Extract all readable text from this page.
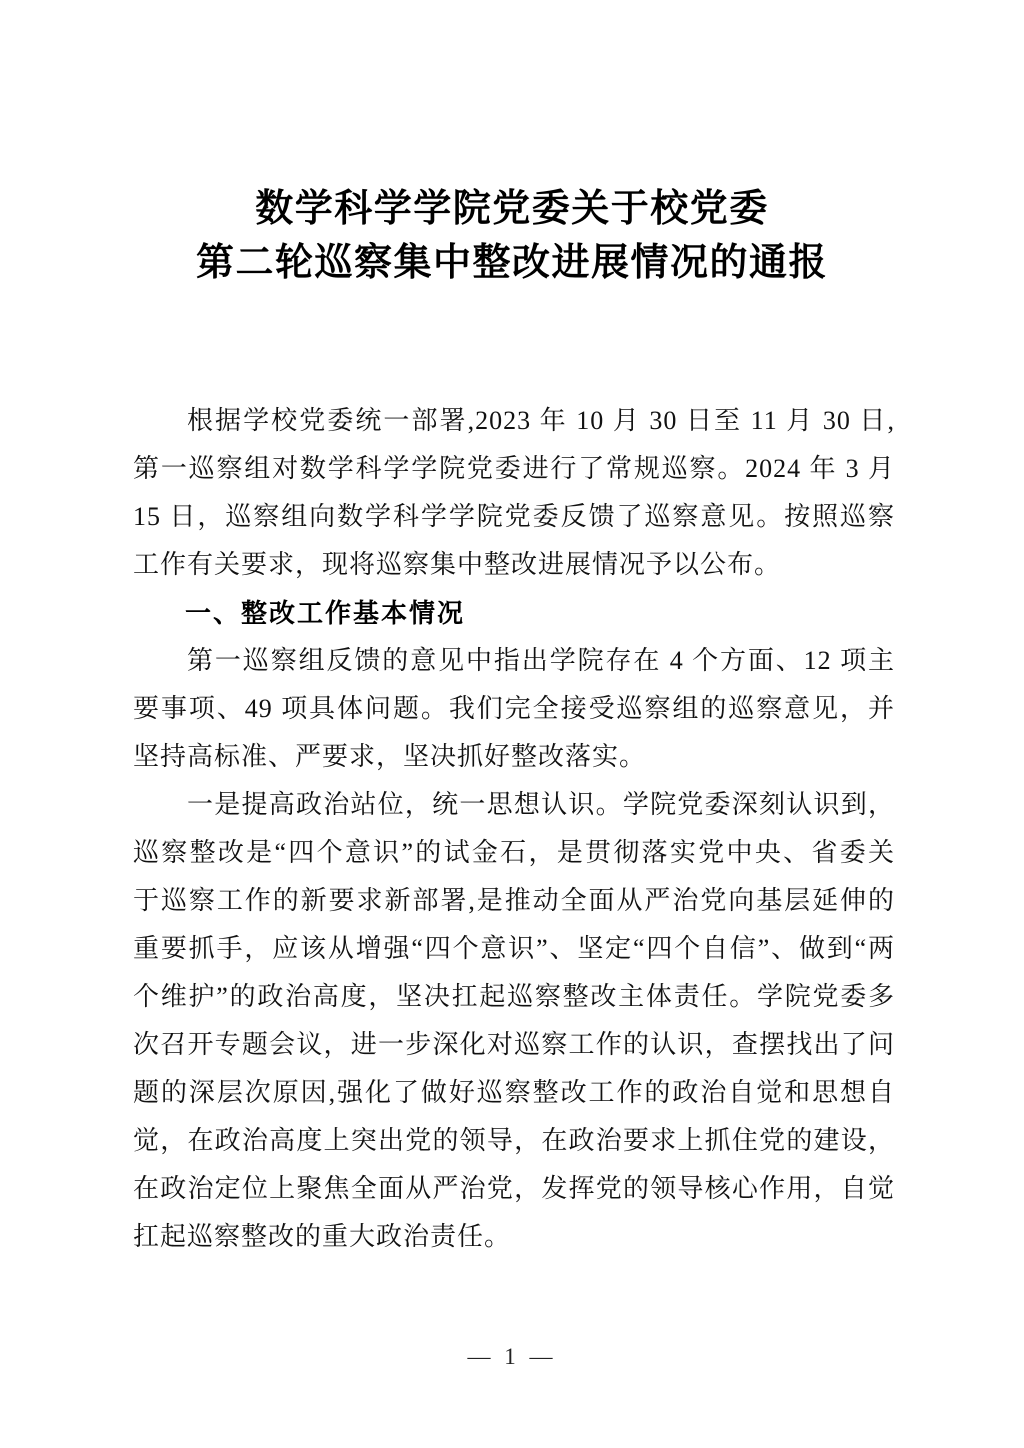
数学科学学院党委关于校党委
第二轮巡察集中整改进展情况的通报
根据学校党委统一部署,2023 年 10 月 30 日至 11 月 30 日,
第一巡察组对数学科学学院党委进行了常规巡察。2024 年 3 月
15 日，巡察组向数学科学学院党委反馈了巡察意见。按照巡察
工作有关要求，现将巡察集中整改进展情况予以公布。
一、整改工作基本情况
第一巡察组反馈的意见中指出学院存在 4 个方面、12 项主
要事项、49 项具体问题。我们完全接受巡察组的巡察意见，并
坚持高标准、严要求，坚决抓好整改落实。
一是提高政治站位，统一思想认识。学院党委深刻认识到，
巡察整改是“四个意识”的试金石，是贯彻落实党中央、省委关
于巡察工作的新要求新部署,是推动全面从严治党向基层延伸的
重要抓手，应该从增强“四个意识”、坚定“四个自信”、做到“两
个维护”的政治高度，坚决扛起巡察整改主体责任。学院党委多
次召开专题会议，进一步深化对巡察工作的认识，查摆找出了问
题的深层次原因,强化了做好巡察整改工作的政治自觉和思想自
觉，在政治高度上突出党的领导，在政治要求上抓住党的建设，
在政治定位上聚焦全面从严治党，发挥党的领导核心作用，自觉
扛起巡察整改的重大政治责任。
— 1 —
